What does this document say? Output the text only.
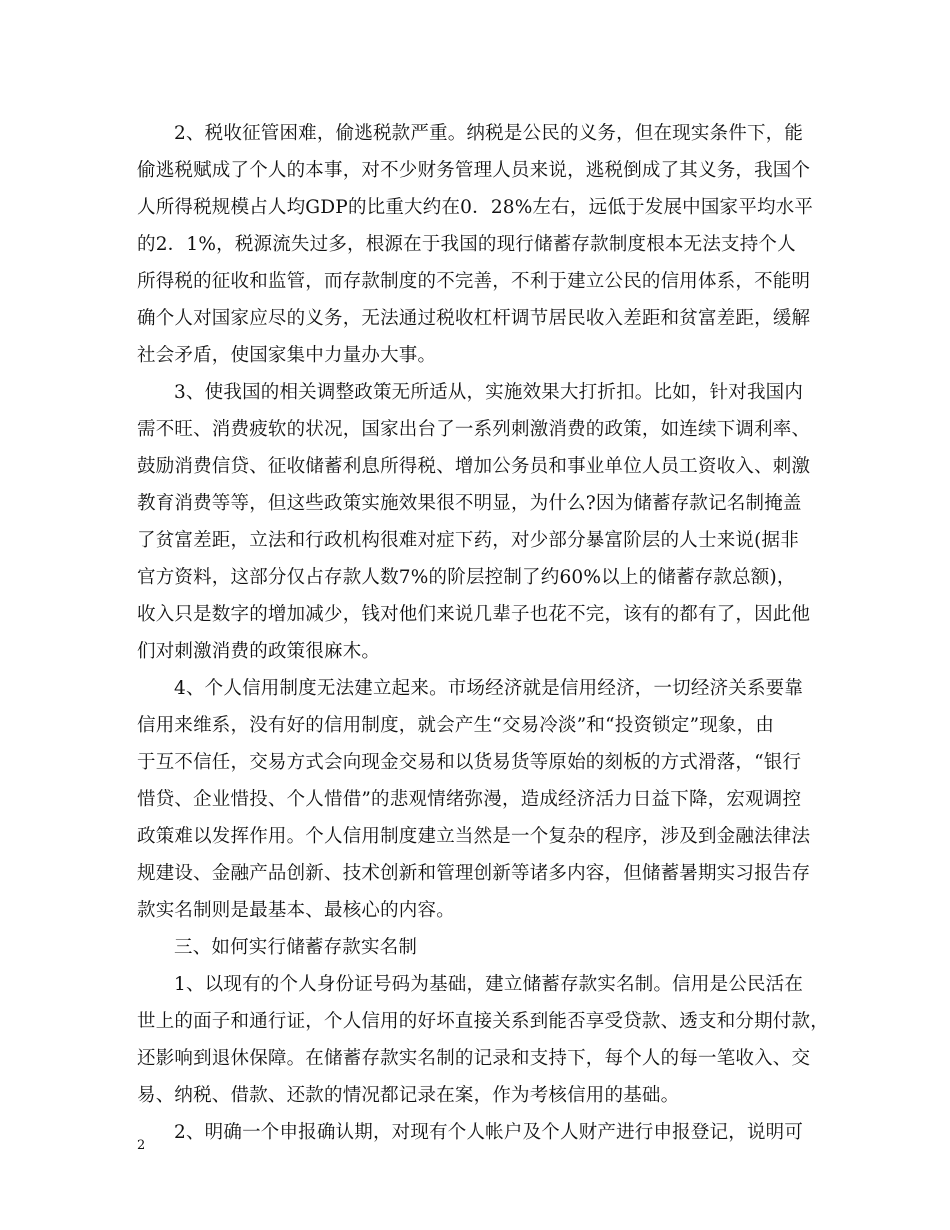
2、税收征管困难，偷逃税款严重。纳税是公民的义务，但在现实条件下，能
偷逃税赋成了个人的本事，对不少财务管理人员来说，逃税倒成了其义务，我国个
人所得税规模占人均GDP的比重大约在0．28%左右，远低于发展中国家平均水平
的2．1%，税源流失过多，根源在于我国的现行储蓄存款制度根本无法支持个人
所得税的征收和监管，而存款制度的不完善，不利于建立公民的信用体系，不能明
确个人对国家应尽的义务，无法通过税收杠杆调节居民收入差距和贫富差距，缓解
社会矛盾，使国家集中力量办大事。
3、使我国的相关调整政策无所适从，实施效果大打折扣。比如，针对我国内
需不旺、消费疲软的状况，国家出台了一系列刺激消费的政策，如连续下调利率、
鼓励消费信贷、征收储蓄利息所得税、增加公务员和事业单位人员工资收入、刺激
教育消费等等，但这些政策实施效果很不明显，为什么?因为储蓄存款记名制掩盖
了贫富差距，立法和行政机构很难对症下药，对少部分暴富阶层的人士来说(据非
官方资料，这部分仅占存款人数7%的阶层控制了约60%以上的储蓄存款总额)，
收入只是数字的增加减少，钱对他们来说几辈子也花不完，该有的都有了，因此他
们对刺激消费的政策很麻木。
4、个人信用制度无法建立起来。市场经济就是信用经济，一切经济关系要靠
信用来维系，没有好的信用制度，就会产生“交易冷淡”和“投资锁定”现象，由
于互不信任，交易方式会向现金交易和以货易货等原始的刻板的方式滑落，“银行
惜贷、企业惜投、个人惜借”的悲观情绪弥漫，造成经济活力日益下降，宏观调控
政策难以发挥作用。个人信用制度建立当然是一个复杂的程序，涉及到金融法律法
规建设、金融产品创新、技术创新和管理创新等诸多内容，但储蓄暑期实习报告存
款实名制则是最基本、最核心的内容。
三、如何实行储蓄存款实名制
1、以现有的个人身份证号码为基础，建立储蓄存款实名制。信用是公民活在
世上的面子和通行证，个人信用的好坏直接关系到能否享受贷款、透支和分期付款，
还影响到退休保障。在储蓄存款实名制的记录和支持下，每个人的每一笔收入、交
易、纳税、借款、还款的情况都记录在案，作为考核信用的基础。
2、明确一个申报确认期，对现有个人帐户及个人财产进行申报登记，说明可
2
